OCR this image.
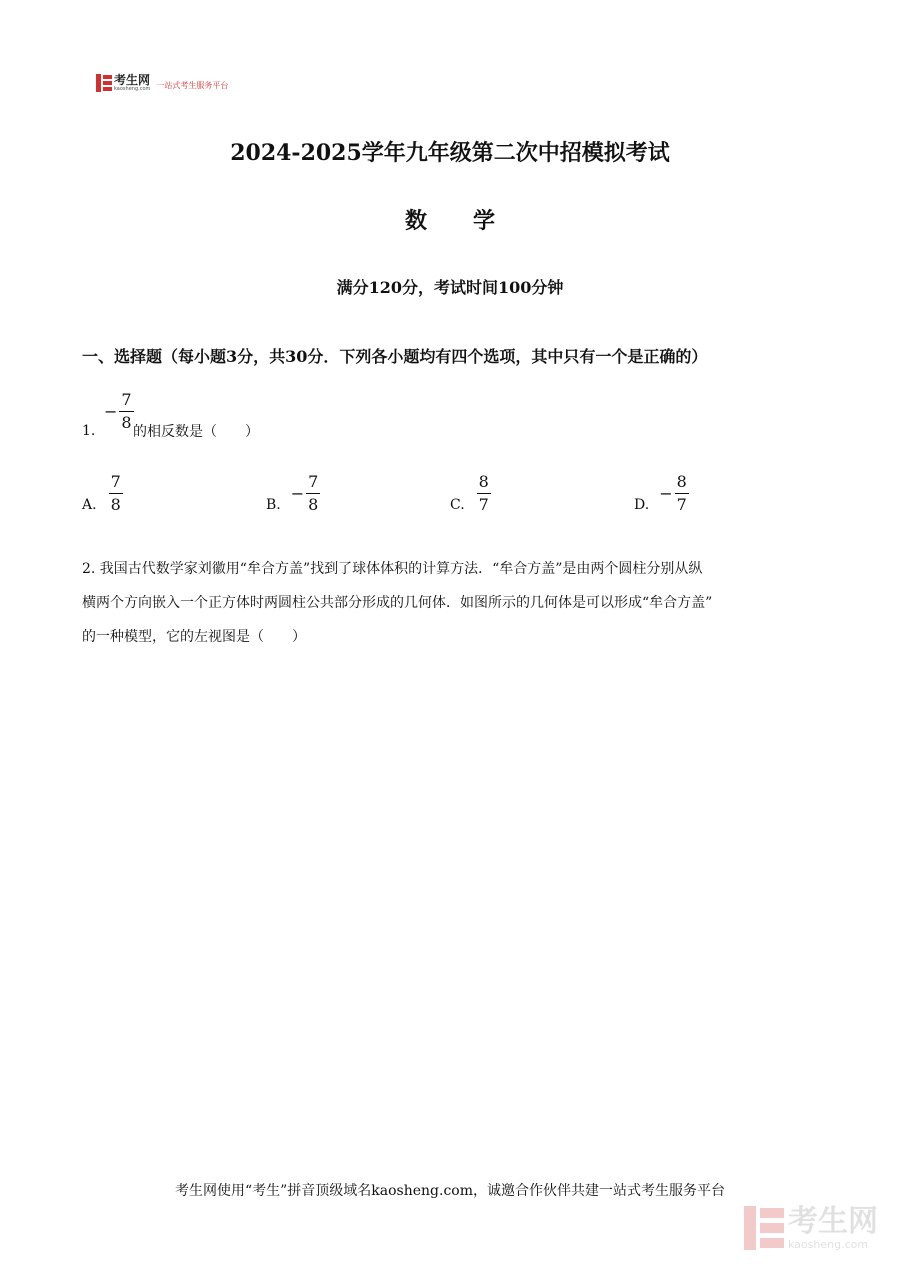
考生网
kaosheng.com 一站式考生服务平台
2024-2025学年九年级第二次中招模拟考试
数学
满分120分，考试时间100分钟
一、选择题（每小题3分，共30分．下列各小题均有四个选项，其中只有一个是正确的）
1.
− $\frac{7}{8}$
的相反数是（　　）
A. $\frac{7}{8}$	B.
− $\frac{7}{8}$	C. $\frac{8}{7}$	D.
− $\frac{8}{7}$
2. 我国古代数学家刘徽用“牟合方盖”找到了球体体积的计算方法．“牟合方盖”是由两个圆柱分别从纵
横两个方向嵌入一个正方体时两圆柱公共部分形成的几何体．如图所示的几何体是可以形成“牟合方盖”
的一种模型，它的左视图是（　　）
考生网使用“考生”拼音顶级域名kaosheng.com，诚邀合作伙伴共建一站式考生服务平台
考生网
kaosheng.com
